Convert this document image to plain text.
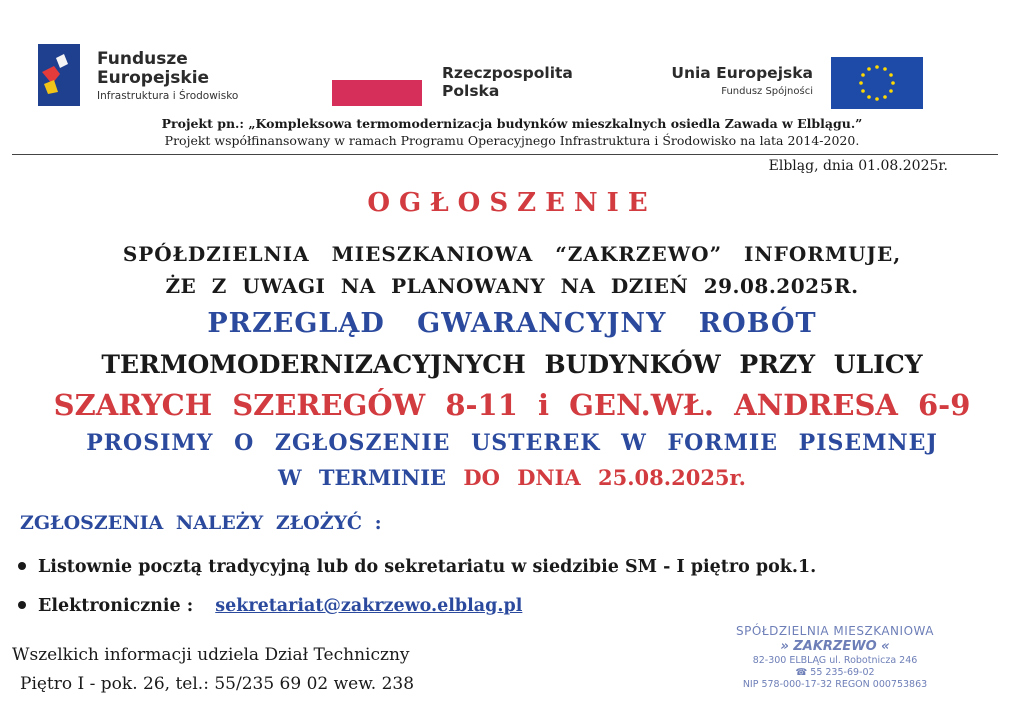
Fundusze
Europejskie
Infrastruktura i Środowisko
Rzeczpospolita
Polska
Unia Europejska
Fundusz Spójności
Projekt pn.: „Kompleksowa termomodernizacja budynków mieszkalnych osiedla Zawada w Elblągu.”
Projekt współfinansowany w ramach Programu Operacyjnego Infrastruktura i Środowisko na lata 2014-2020.
Elbląg, dnia 01.08.2025r.
OGŁOSZENIE
SPÓŁDZIELNIA MIESZKANIOWA “ZAKRZEWO” INFORMUJE,
ŻE Z UWAGI NA PLANOWANY NA DZIEŃ 29.08.2025R.
PRZEGLĄD GWARANCYJNY ROBÓT
TERMOMODERNIZACYJNYCH BUDYNKÓW PRZY ULICY
SZARYCH SZEREGÓW 8-11 i GEN.WŁ. ANDRESA 6-9
PROSIMY O ZGŁOSZENIE USTEREK W FORMIE PISEMNEJ
W TERMINIE DO DNIA 25.08.2025r.
ZGŁOSZENIA NALEŻY ZŁOŻYĆ :
Listownie pocztą tradycyjną lub do sekretariatu w siedzibie SM - I piętro pok.1.
Elektronicznie : sekretariat@zakrzewo.elblag.pl
Wszelkich informacji udziela Dział Techniczny
Piętro I - pok. 26, tel.: 55/235 69 02 wew. 238
SPÓŁDZIELNIA MIESZKANIOWA
» ZAKRZEWO «
82-300 ELBLĄG ul. Robotnicza 246
☎ 55 235-69-02
NIP 578-000-17-32 REGON 000753863
